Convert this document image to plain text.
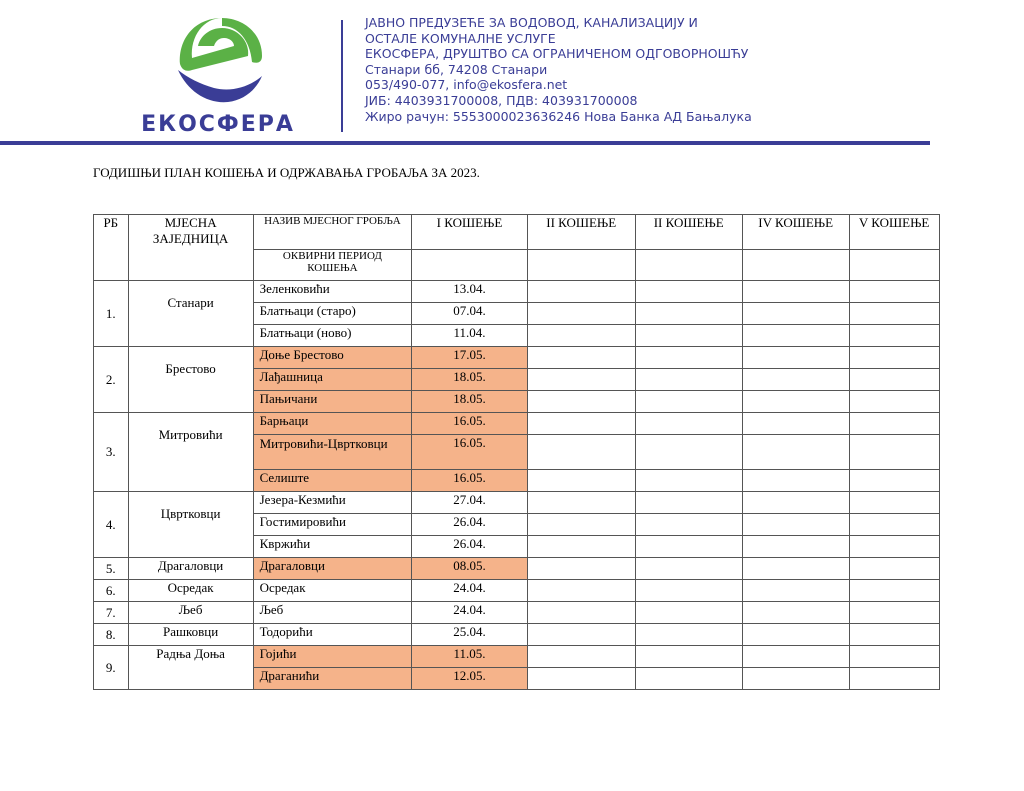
ЕКОСФЕРА
ЈАВНО ПРЕДУЗЕЋЕ ЗА ВОДОВОД, КАНАЛИЗАЦИЈУ И
ОСТАЛЕ КОМУНАЛНЕ УСЛУГЕ
ЕКОСФЕРА, ДРУШТВО СА ОГРАНИЧЕНОМ ОДГОВОРНОШЋУ
Станари бб, 74208 Станари
053/490-077, info@ekosfera.net
ЈИБ: 4403931700008, ПДВ: 403931700008
Жиро рачун: 5553000023636246 Нова Банка АД Бањалука
ГОДИШЊИ ПЛАН КОШЕЊА И ОДРЖАВАЊА ГРОБАЉА ЗА 2023.
РБ	МЈЕСНА ЗАЈЕДНИЦА	НАЗИВ МЈЕСНОГ ГРОБЉА	I КОШЕЊЕ	II КОШЕЊЕ	II КОШЕЊЕ	IV КОШЕЊЕ	V КОШЕЊЕ
		ОКВИРНИ ПЕРИОД КОШЕЊА					
1.	Станари	Зеленковићи	13.04.				
		Блатњаци (старо)	07.04.				
		Блатњаци (ново)	11.04.				
2.	Брестово	Доње Брестово	17.05.				
		Лађашница	18.05.				
		Пањичани	18.05.				
3.	Митровићи	Барњаци	16.05.				
		Митровићи-Цвртковци	16.05.				
		Селиште	16.05.				
4.	Цвртковци	Језера-Кезмићи	27.04.				
		Гостимировићи	26.04.				
		Квржићи	26.04.				
5.	Драгаловци	Драгаловци	08.05.				
6.	Осредак	Осредак	24.04.				
7.	Љеб	Љеб	24.04.				
8.	Рашковци	Тодорићи	25.04.				
9.	Радња Доња	Гојићи	11.05.				
		Драганићи	12.05.				
